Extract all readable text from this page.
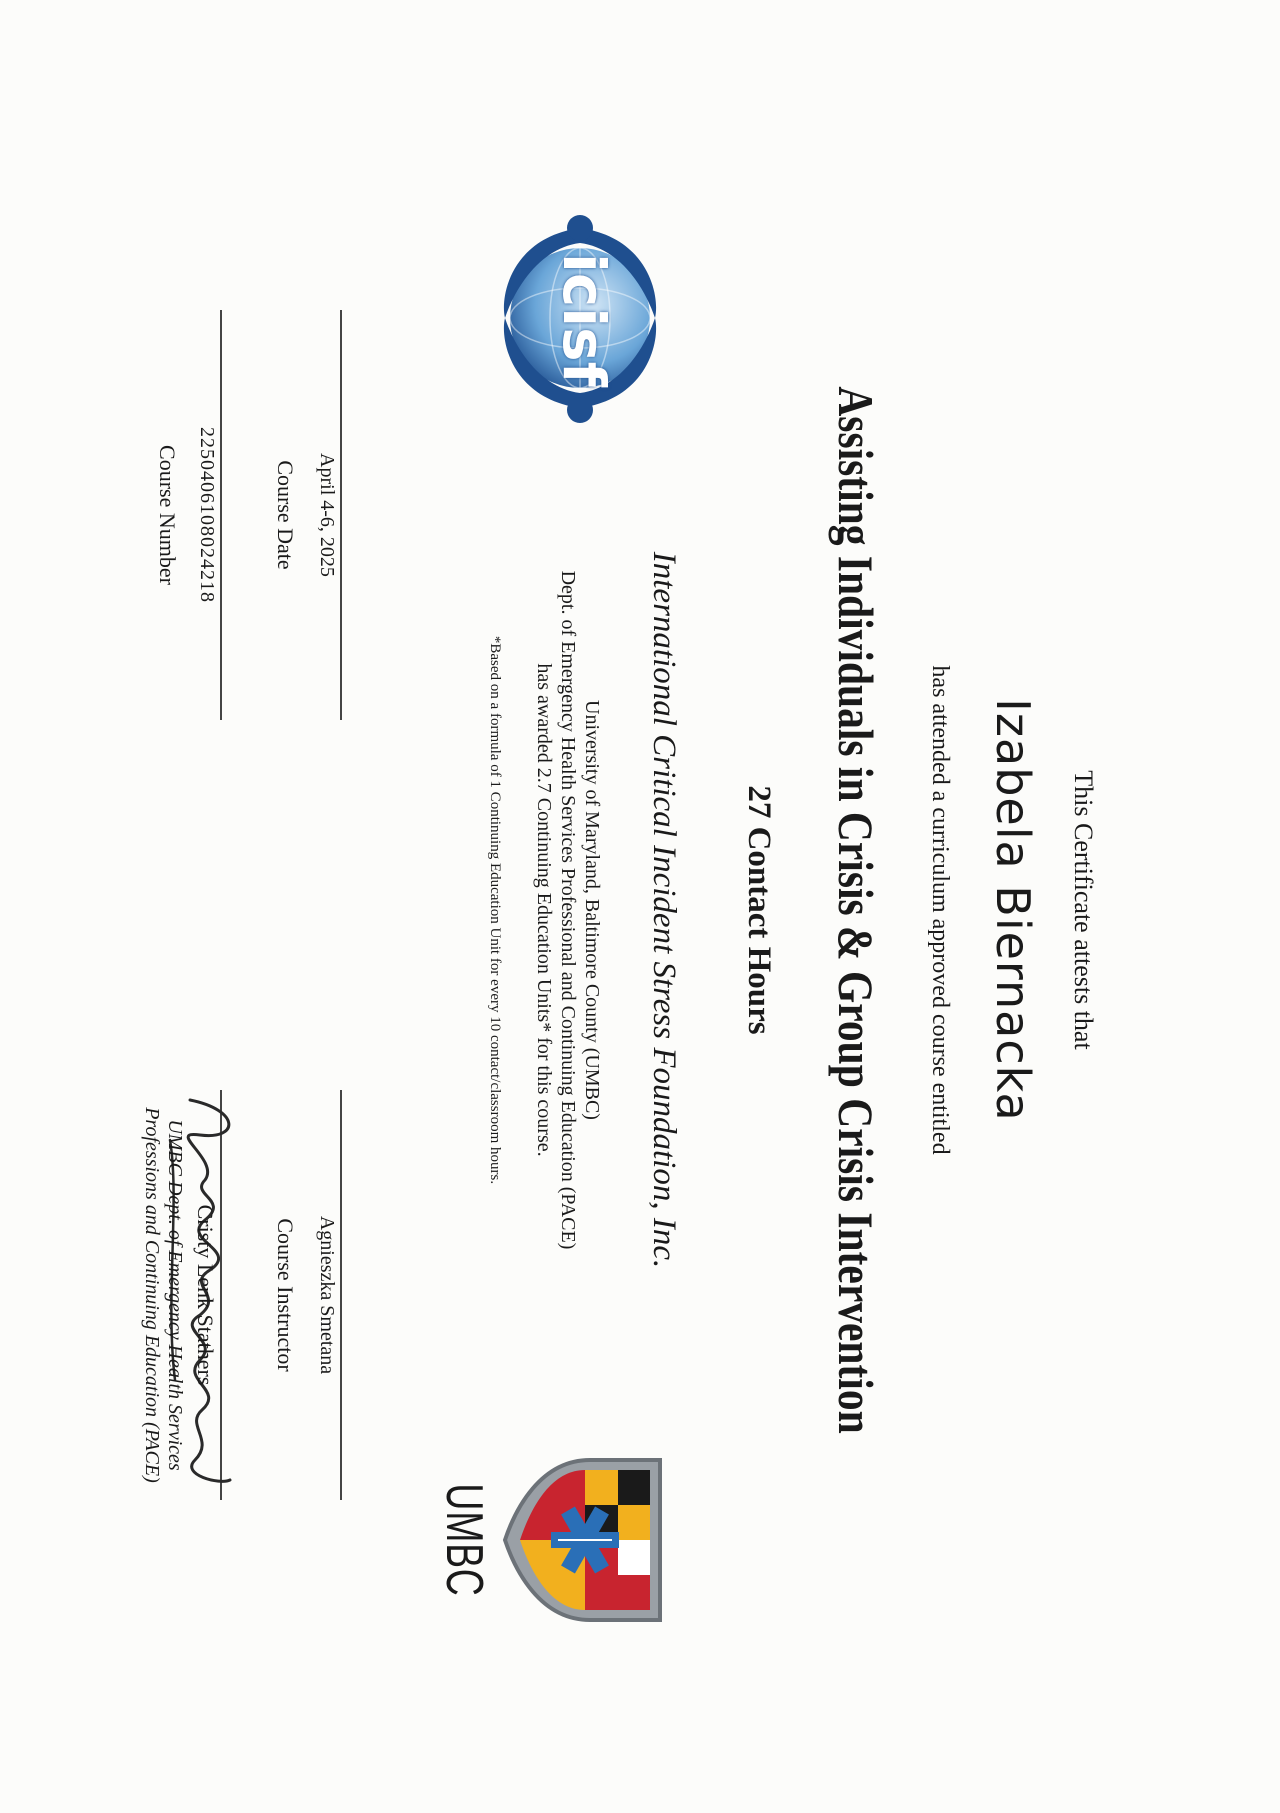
icisf
UMBC
This Certificate attests that
Izabela Biernacka
has attended a curriculum approved course entitled
Assisting Individuals in Crisis & Group Crisis Intervention
27 Contact Hours
International Critical Incident Stress Foundation, Inc.
University of Maryland, Baltimore County (UMBC)
Dept. of Emergency Health Services Professional and Continuing Education (PACE)
has awarded 2.7 Continuing Education Units* for this course.
*Based on a formula of 1 Continuing Education Unit for every 10 contact/classroom hours.
April 4-6, 2025
Course Date
2250406108024218
Course Number
Agnieszka Smetana
Course Instructor
Cristy Lenk Stathers
UMBC Dept. of Emergency Health Services
Professions and Continuing Education (PACE)
